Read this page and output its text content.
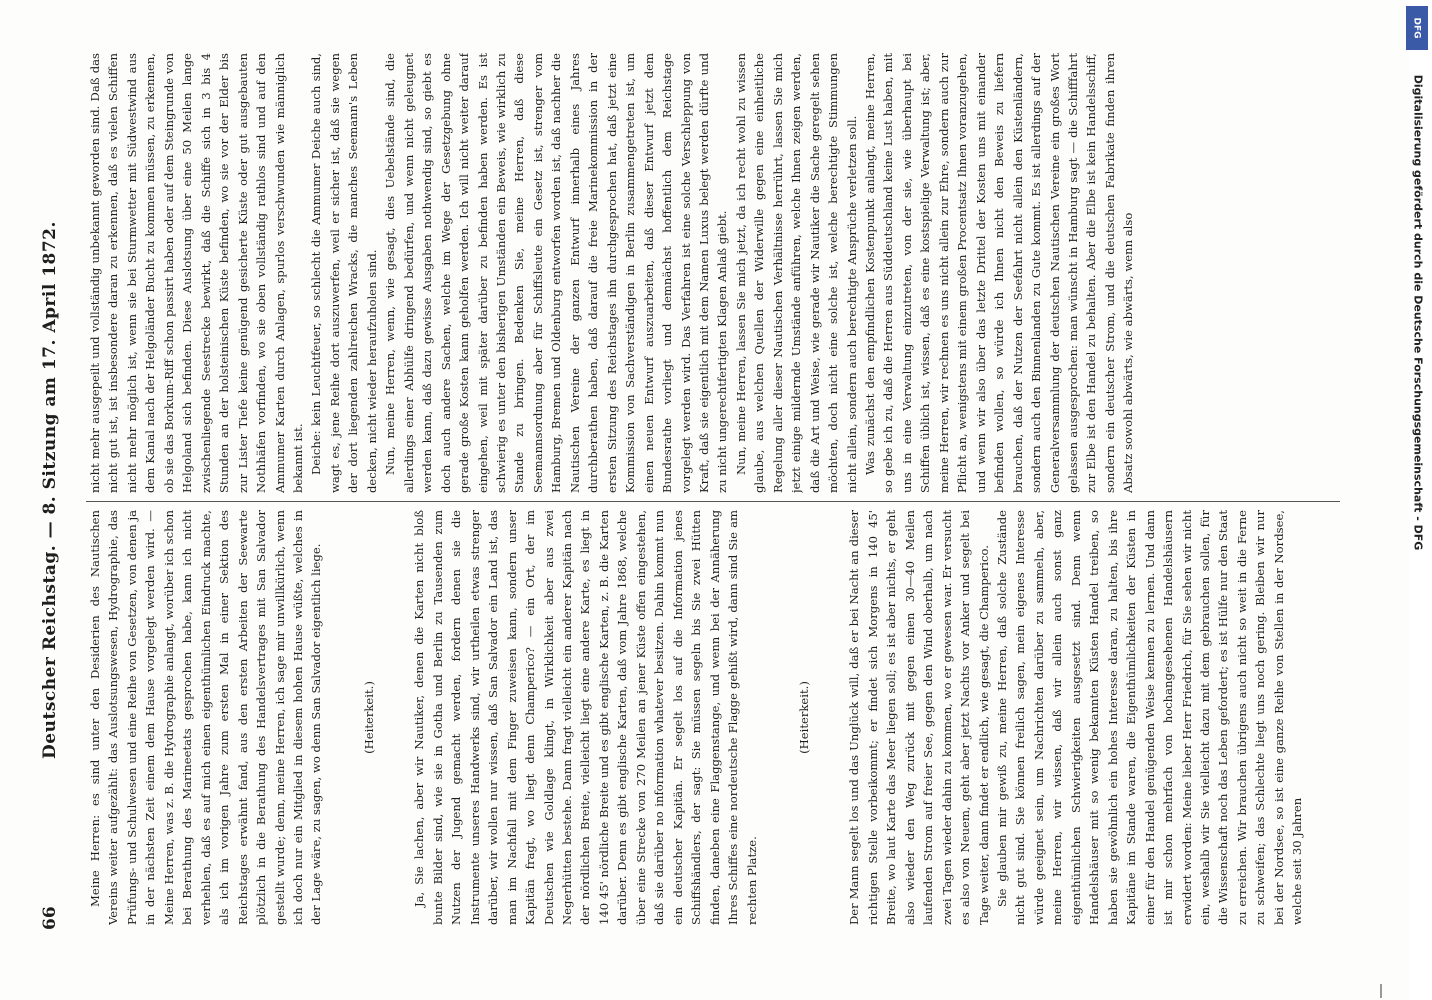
66
Deutscher Reichstag. — 8. Sitzung am 17. April 1872. Meine Herren: es sind unter den Desiderien des Nautischen Vereins weiter aufgezählt: das Auslotsungswesen, Hydrographie, das Prüfungs- und Schulwesen und eine Reihe von Gesetzen, von denen ja in der nächsten Zeit einem dem Hause vorgelegt werden wird. — Meine Herren, was z. B. die Hydrographie anlangt, worüber ich schon bei Berathung des Marineetats gesprochen habe, kann ich nicht verhehlen, daß es auf mich einen eigenthümlichen Eindruck machte, als ich im vorigen Jahre zum ersten Mal in einer Sektion des Reichstages erwähnt fand, aus den ersten Arbeiten der Seewarte plötzlich in die Berathung des Handelsvertrages mit San Salvador gestellt wurde; denn, meine Herren, ich sage mir unwillkürlich, wenn ich doch nur ein Mitglied in diesem hohen Hause wüßte, welches in der Lage wäre, zu sagen, wo denn San Salvador eigentlich liege.	(Heiterkeit.)	Ja, Sie lachen, aber wir Nautiker, denen die Karten nicht bloß bunte Bilder sind, wie sie in Gotha und Berlin zu Tausenden zum Nutzen der Jugend gemacht werden, fordern denen sie die Instrumente unseres Handwerks sind, wir urtheilen etwas strenger darüber, wir wollen nur wissen, daß San Salvador ein Land ist, das man im Nachfall mit dem Finger zuweisen kann, sondern unser Kapitän fragt, wo liegt denn Champerico? — ein Ort, der im Deutschen wie Goldlage klingt, in Wirklichkeit aber aus zwei Negerhütten bestehe. Dann fragt vielleicht ein anderer Kapitän nach der nördlichen Breite, vielleicht liegt eine andere Karte, es liegt in 140 45' nördliche Breite und es gibt englische Karten, z. B. die Karten darüber. Denn es gibt englische Karten, daß vom Jahre 1868, welche über eine Strecke von 270 Meilen an jener Küste offen eingestehen, daß sie darüber no information whatever besitzen. Dahin kommt nun ein deutscher Kapitän. Er segelt los auf die Information jenes Schiffshändlers, der sagt: Sie müssen segeln bis Sie zwei Hütten finden, daneben eine Flaggenstange, und wenn bei der Annäherung Ihres Schiffes eine nordeutsche Flagge gehißt wird, dann sind Sie am rechten Platze.

(Heiterkeit.)	Der Mann segelt los und das Unglück will, daß er bei Nacht an dieser richtigen Stelle vorbeikommt; er findet sich Morgens in 140 45' Breite, wo laut Karte das Meer liegen soll; es ist aber nichts, er geht also wieder den Weg zurück mit gegen einen 30—40 Meilen laufenden Strom auf freier See, gegen den Wind oberhalb, um nach zwei Tagen wieder dahin zu kommen, wo er gewesen war. Er versucht es also von Neuem, geht aber jetzt Nachts vor Anker und segelt bei Tage weiter, dann findet er endlich, wie gesagt, die Champerico. Sie glauben mir gewiß zu, meine Herren, daß solche Zustände nicht gut sind. Sie können freilich sagen, mein eigenes Interesse würde geeignet sein, um Nachrichten darüber zu sammeln, aber, meine Herren, wir wissen, daß wir allein auch sonst ganz eigenthümlichen Schwierigkeiten ausgesetzt sind. Denn wenn Handelshäuser mit so wenig bekannten Küsten Handel treiben, so haben sie gewöhnlich ein hohes Interesse daran, zu halten, bis ihre Kapitäne im Stande waren, die Eigenthümlichkeiten der Küsten in einer für den Handel genügenden Weise kennen zu lernen. Und dann ist mir schon mehrfach von hochangesehenen Handelshäusern erwidert worden: Meine lieber Herr Friedrich, für Sie sehen wir nicht ein, weshalb wir Sie vielleicht dazu mit dem gebrauchen sollen, für die Wissenschaft noch das Leben gefordert; es ist Hülfe nur den Staat zu erreichen. Wir brauchen übrigens auch nicht so weit in die Ferne zu schweifen; das Schlechte liegt uns noch gering. Bleiben wir nur bei der Nordsee, so ist eine ganze Reihe von Stellen in der Nordsee, welche seit 30 Jahren

nicht mehr ausgepeilt und vollständig unbekannt geworden sind. Daß das nicht gut ist, ist insbesondere daran zu erkennen, daß es vielen Schiffen nicht mehr möglich ist, wenn sie bei Sturmwetter mit Südwestwind aus dem Kanal nach der Helgoländer Bucht zu kommen müssen, zu erkennen, ob sie das Borkum-Riff schon passirt haben oder auf dem Steingrunde von Helgoland sich befinden. Diese Auslotsung über eine 50 Meilen lange zwischenliegende Seestrecke bewirkt, daß die Schiffe sich in 3 bis 4 Stunden an der holsteinischen Küste befinden, wo sie vor der Elder bis zur Lister Tiefe keine genügend gesicherte Küste oder gut ausgebauten Nothhäfen vorfinden, wo sie oben vollständig rathlos sind und auf den Ammumer Karten durch Anlagen, spurlos verschwunden wie männiglich bekannt ist. Deiche: kein Leuchtfeuer, so schlecht die Ammumer Deiche auch sind, wagt es, jene Reihe dort auszuwerfen, weil er sicher ist, daß sie wegen der dort liegenden zahlreichen Wracks, die manches Seemann's Leben decken, nicht wieder heraufzuholen sind. Nun, meine Herren, wenn, wie gesagt, dies Uebelstände sind, die allerdings einer Abhülfe dringend bedürfen, und wenn nicht geleugnet werden kann, daß dazu gewisse Ausgaben nothwendig sind, so giebt es doch auch andere Sachen, welche im Wege der Gesetzgebung ohne gerade große Kosten kann geholfen werden. Ich will nicht weiter darauf eingehen, weil mit später darüber zu befinden haben werden. Es ist schwierig es unter den bisherigen Umständen ein Beweis, wie wirklich zu Stande zu bringen. Bedenken Sie, meine Herren, daß diese Seemannsordnung aber für Schiffsleute ein Gesetz ist, strenger vom Hamburg, Bremen und Oldenburg entworfen worden ist, daß nachher die Nautischen Vereine der ganzen Entwurf innerhalb eines Jahres durchberathen haben, daß darauf die freie Marinekommission in der ersten Sitzung des Reichstages ihn durchgesprochen hat, daß jetzt eine Kommission von Sachverständigen in Berlin zusammengetreten ist, um einen neuen Entwurf auszuarbeiten, daß dieser Entwurf jetzt dem Bundesrathe vorliegt und demnächst hoffentlich dem Reichstage vorgelegt werden wird. Das Verfahren ist eine solche Verschleppung von Kraft, daß sie eigentlich mit dem Namen Luxus belegt werden dürfte und zu nicht ungerechtfertigten Klagen Anlaß giebt. Nun, meine Herren, lassen Sie mich jetzt, da ich recht wohl zu wissen glaube, aus welchen Quellen der Widerwille gegen eine einheitliche Regelung aller dieser Nautischen Verhältnisse herrührt, lassen Sie mich jetzt einige mildernde Umstände anführen, welche Ihnen zeigen werden, daß die Art und Weise, wie gerade wir Nautiker die Sache geregelt sehen möchten, doch nicht eine solche ist, welche berechtigte Stimmungen nicht allein, sondern auch berechtigte Ansprüche verletzen soll. Was zunächst den empfindlichen Kostenpunkt anlangt, meine Herren, so gebe ich zu, daß die Herren aus Süddeutschland keine Lust haben, mit uns in eine Verwaltung einzutreten, von der sie, wie überhaupt bei Schiffen üblich ist, wissen, daß es eine kostspielige Verwaltung ist; aber, meine Herren, wir rechnen es uns nicht allein zur Ehre, sondern auch zur Pflicht an, wenigstens mit einem großen Procentsatz Ihnen voranzugehen, und wenn wir also über das letzte Drittel der Kosten uns mit einander befinden wollen, so würde ich Ihnen nicht den Beweis zu liefern brauchen, daß der Nutzen der Seefahrt nicht allein den Küstenländern, sondern auch den Binnenlanden zu Gute kommt. Es ist allerdings auf der Generalversammlung der deutschen Nautischen Vereine ein großes Wort gelassen ausgesprochen: man wünscht in Hamburg sagt — die Schifffahrt zur Elbe ist den Handel zu behalten. Aber die Elbe ist kein Handelsschiff, sondern ein deutscher Strom, und die deutschen Fabrikate finden ihren Absatz sowohl abwärts, wie abwärts, wenn also

DFG
Digitalisierung gefördert durch die Deutsche Forschungsgemeinschaft - DFG
